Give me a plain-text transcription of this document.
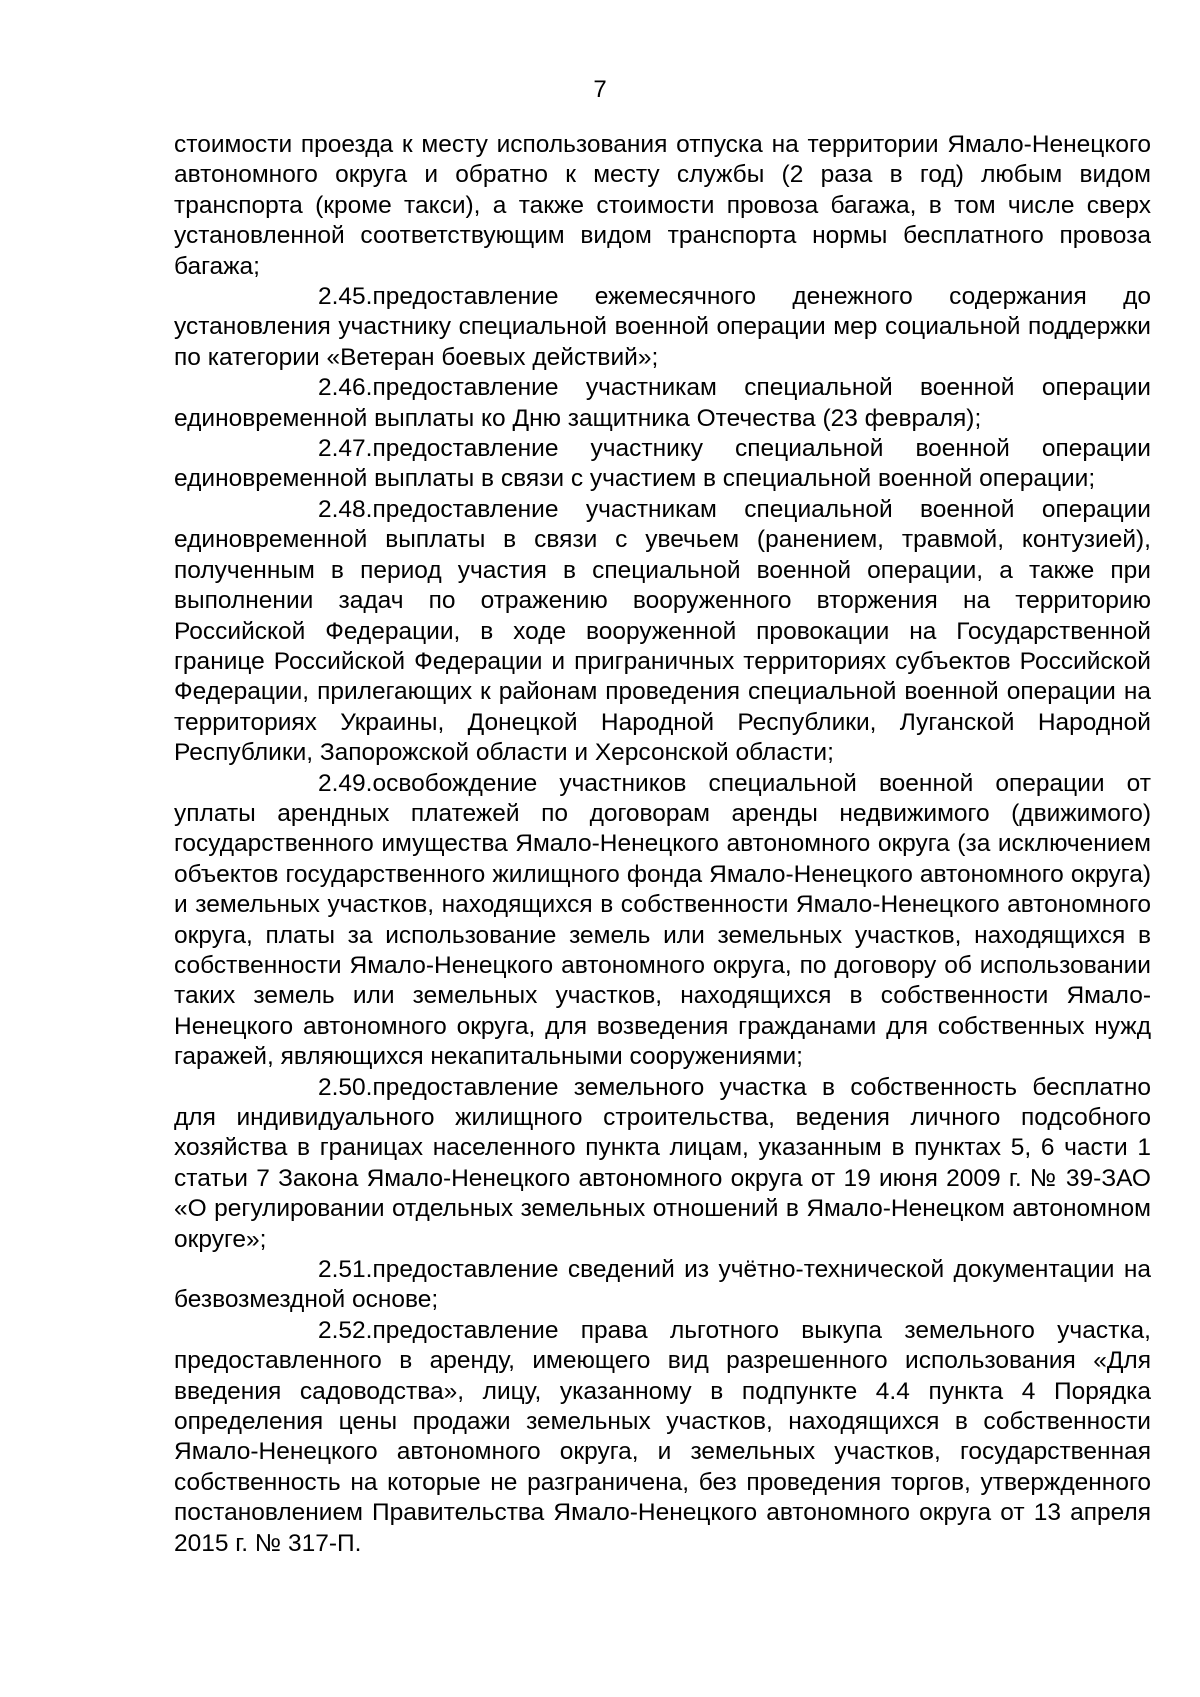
7

стоимости проезда к месту использования отпуска на территории Ямало-Ненецкого автономного округа и обратно к месту службы (2 раза в год) любым видом транспорта (кроме такси), а также стоимости провоза багажа, в том числе сверх установленной соответствующим видом транспорта нормы бесплатного провоза багажа;

2.45.предоставление ежемесячного денежного содержания до установления участнику специальной военной операции мер социальной поддержки по категории «Ветеран боевых действий»;

2.46.предоставление участникам специальной военной операции единовременной выплаты ко Дню защитника Отечества (23 февраля);

2.47.предоставление участнику специальной военной операции единовременной выплаты в связи с участием в специальной военной операции;

2.48.предоставление участникам специальной военной операции единовременной выплаты в связи с увечьем (ранением, травмой, контузией), полученным в период участия в специальной военной операции, а также при выполнении задач по отражению вооруженного вторжения на территорию Российской Федерации, в ходе вооруженной провокации на Государственной границе Российской Федерации и приграничных территориях субъектов Российской Федерации, прилегающих к районам проведения специальной военной операции на территориях Украины, Донецкой Народной Республики, Луганской Народной Республики, Запорожской области и Херсонской области;

2.49.освобождение участников специальной военной операции от уплаты арендных платежей по договорам аренды недвижимого (движимого) государственного имущества Ямало-Ненецкого автономного округа (за исключением объектов государственного жилищного фонда Ямало-Ненецкого автономного округа) и земельных участков, находящихся в собственности Ямало-Ненецкого автономного округа, платы за использование земель или земельных участков, находящихся в собственности Ямало-Ненецкого автономного округа, по договору об использовании таких земель или земельных участков, находящихся в собственности Ямало-Ненецкого автономного округа, для возведения гражданами для собственных нужд гаражей, являющихся некапитальными сооружениями;

2.50.предоставление земельного участка в собственность бесплатно для индивидуального жилищного строительства, ведения личного подсобного хозяйства в границах населенного пункта лицам, указанным в пунктах 5, 6 части 1 статьи 7 Закона Ямало-Ненецкого автономного округа от 19 июня 2009 г. № 39-ЗАО «О регулировании отдельных земельных отношений в Ямало-Ненецком автономном округе»;

2.51.предоставление сведений из учётно-технической документации на безвозмездной основе;

2.52.предоставление права льготного выкупа земельного участка, предоставленного в аренду, имеющего вид разрешенного использования «Для введения садоводства», лицу, указанному в подпункте 4.4 пункта 4 Порядка определения цены продажи земельных участков, находящихся в собственности Ямало-Ненецкого автономного округа, и земельных участков, государственная собственность на которые не разграничена, без проведения торгов, утвержденного постановлением Правительства Ямало-Ненецкого автономного округа от 13 апреля 2015 г. № 317-П.
